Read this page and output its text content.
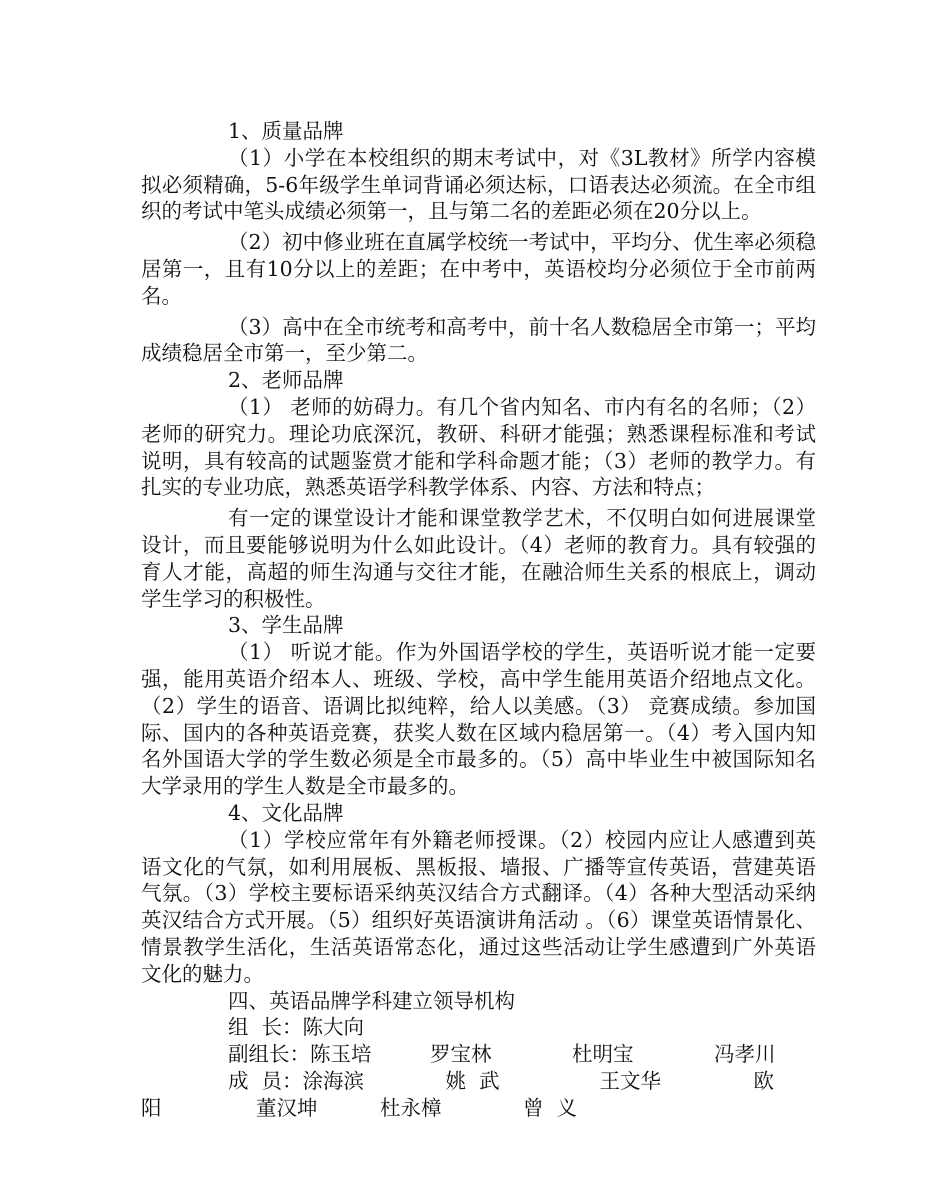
1、质量品牌

（1）小学在本校组织的期末考试中，对《3L教材》所学内容模拟必须精确，5-6年级学生单词背诵必须达标，口语表达必须流。在全市组织的考试中笔头成绩必须第一，且与第二名的差距必须在20分以上。

（2）初中修业班在直属学校统一考试中，平均分、优生率必须稳居第一，且有10分以上的差距；在中考中，英语校均分必须位于全市前两名。

（3）高中在全市统考和高考中，前十名人数稳居全市第一；平均成绩稳居全市第一，至少第二。

2、老师品牌

（1） 老师的妨碍力。有几个省内知名、市内有名的名师；（2）老师的研究力。理论功底深沉，教研、科研才能强；熟悉课程标准和考试说明，具有较高的试题鉴赏才能和学科命题才能；（3）老师的教学力。有扎实的专业功底，熟悉英语学科教学体系、内容、方法和特点；

有一定的课堂设计才能和课堂教学艺术，不仅明白如何进展课堂设计，而且要能够说明为什么如此设计。（4）老师的教育力。具有较强的育人才能，高超的师生沟通与交往才能，在融洽师生关系的根底上，调动学生学习的积极性。

3、学生品牌

（1） 听说才能。作为外国语学校的学生，英语听说才能一定要强，能用英语介绍本人、班级、学校，高中学生能用英语介绍地点文化。（2）学生的语音、语调比拟纯粹，给人以美感。（3） 竞赛成绩。参加国际、国内的各种英语竞赛，获奖人数在区域内稳居第一。（4）考入国内知名外国语大学的学生数必须是全市最多的。（5）高中毕业生中被国际知名大学录用的学生人数是全市最多的。

4、文化品牌

（1）学校应常年有外籍老师授课。（2）校园内应让人感遭到英语文化的气氛，如利用展板、黑板报、墙报、广播等宣传英语，营建英语气氛。（3）学校主要标语采纳英汉结合方式翻译。（4）各种大型活动采纳英汉结合方式开展。（5）组织好英语演讲角活动 。（6）课堂英语情景化、情景教学生活化，生活英语常态化，通过这些活动让学生感遭到广外英语文化的魅力。

四、英语品牌学科建立领导机构

组  长： 陈大向
副组长： 陈玉培	罗宝林	杜明宝	冯孝川
成  员： 涂海滨	姚  武	王文华	欧
阳	董汉坤	杜永樟	曾  义
